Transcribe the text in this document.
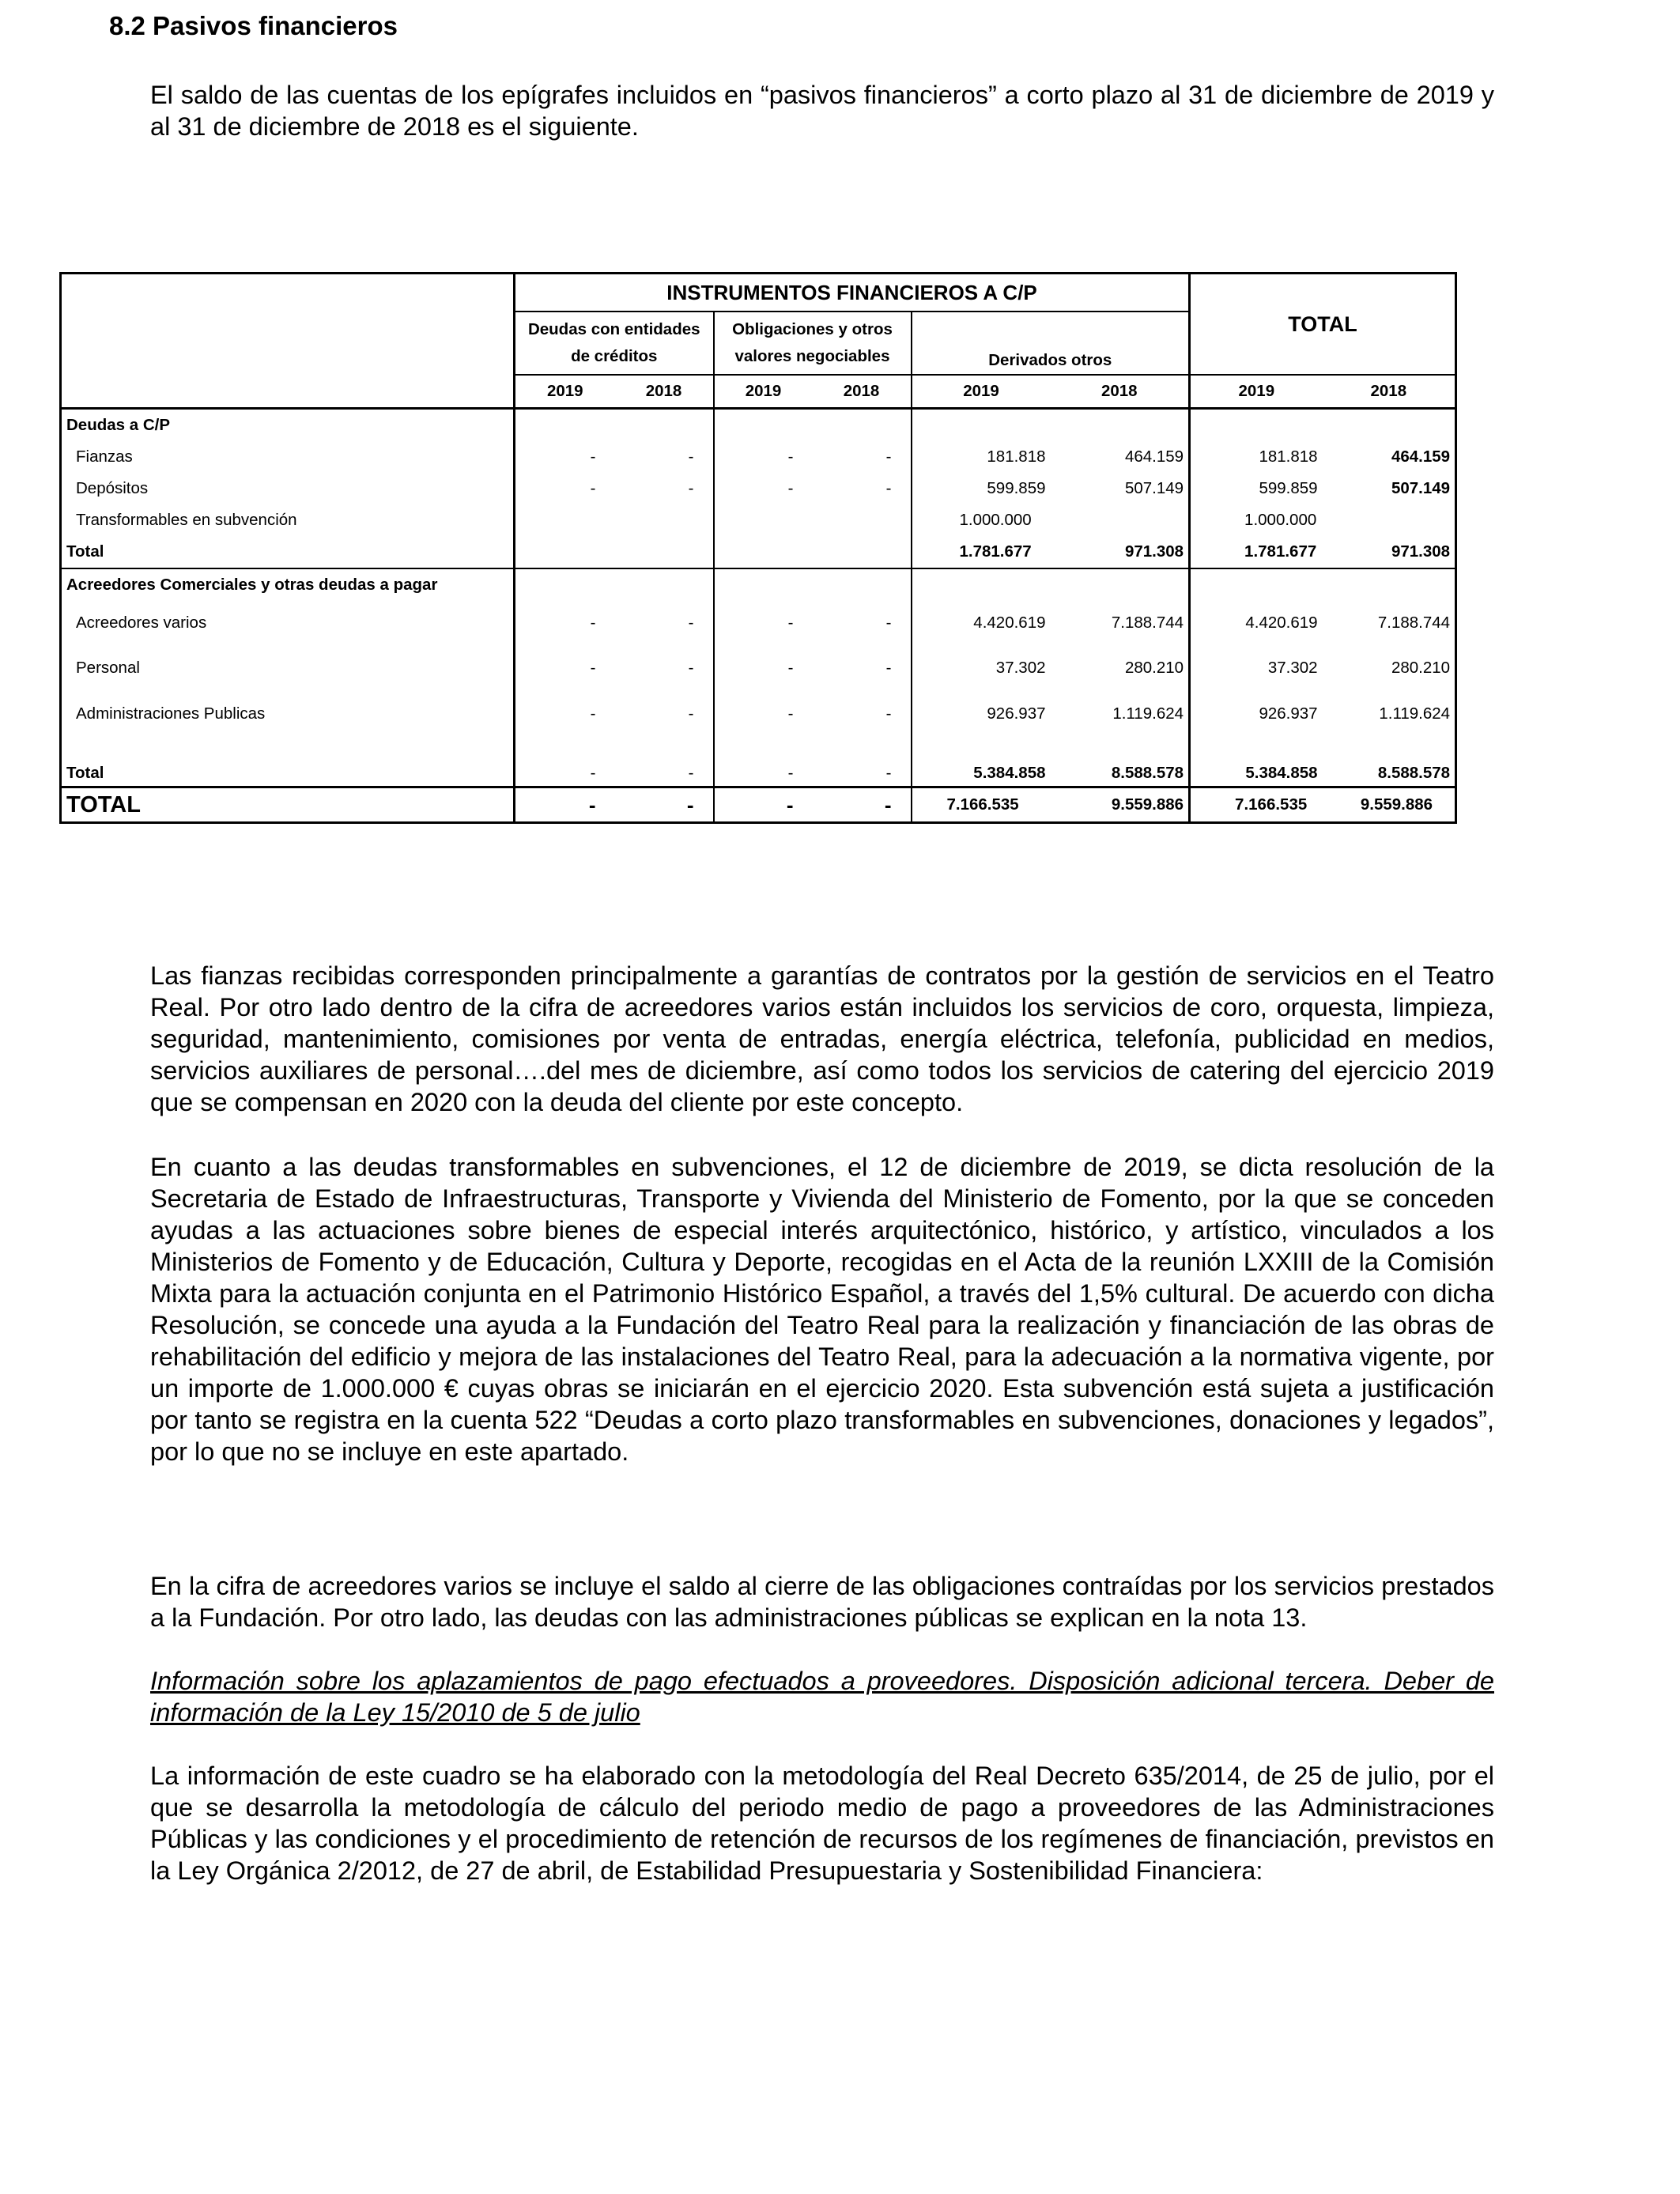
8.2 Pasivos financieros
El saldo de las cuentas de los epígrafes incluidos en “pasivos financieros” a corto plazo al 31 de diciembre de 2019 y al 31 de diciembre de 2018 es el siguiente.
	INSTRUMENTOS FINANCIEROS A C/P						TOTAL	
	Deudas con entidades de créditos		Obligaciones y otros valores negociables		Derivados otros			
	2019	2018	2019	2018	2019	2018	2019	2018
Deudas a C/P								
Fianzas	-	-	-	-	181.818	464.159	181.818	464.159
Depósitos	-	-	-	-	599.859	507.149	599.859	507.149
Transformables en subvención					1.000.000		1.000.000	
Total					1.781.677	971.308	1.781.677	971.308
Acreedores Comerciales y otras deudas a pagar								
Acreedores varios	-	-	-	-	4.420.619	7.188.744	4.420.619	7.188.744
Personal	-	-	-	-	37.302	280.210	37.302	280.210
Administraciones Publicas	-	-	-	-	926.937	1.119.624	926.937	1.119.624
Total	-	-	-	-	5.384.858	8.588.578	5.384.858	8.588.578
TOTAL	-	-	-	-	7.166.535	9.559.886	7.166.535	9.559.886
Las fianzas recibidas corresponden principalmente a garantías de contratos por la gestión de servicios en el Teatro Real. Por otro lado dentro de la cifra de acreedores varios están incluidos los servicios de coro, orquesta, limpieza, seguridad, mantenimiento, comisiones por venta de entradas, energía eléctrica, telefonía, publicidad en medios, servicios auxiliares de personal….del mes de diciembre, así como todos los servicios de catering del ejercicio 2019 que se compensan en 2020 con la deuda del cliente por este concepto.
En cuanto a las deudas transformables en subvenciones, el 12 de diciembre de 2019, se dicta resolución de la Secretaria de Estado de Infraestructuras, Transporte y Vivienda del Ministerio de Fomento, por la que se conceden ayudas a las actuaciones sobre bienes de especial interés arquitectónico, histórico, y artístico, vinculados a los Ministerios de Fomento y de Educación, Cultura y Deporte, recogidas en el Acta de la reunión LXXIII de la Comisión Mixta para la actuación conjunta en el Patrimonio Histórico Español, a través del 1,5% cultural. De acuerdo con dicha Resolución, se concede una ayuda a la Fundación del Teatro Real para la realización y financiación de las obras de rehabilitación del edificio y mejora de las instalaciones del Teatro Real, para la adecuación a la normativa vigente, por un importe de 1.000.000 € cuyas obras se iniciarán en el ejercicio 2020. Esta subvención está sujeta a justificación por tanto se registra en la cuenta 522 “Deudas a corto plazo transformables en subvenciones, donaciones y legados”, por lo que no se incluye en este apartado.
En la cifra de acreedores varios se incluye el saldo al cierre de las obligaciones contraídas por los servicios prestados a la Fundación. Por otro lado, las deudas con las administraciones públicas se explican en la nota 13.
Información sobre los aplazamientos de pago efectuados a proveedores. Disposición adicional tercera. Deber de información de la Ley 15/2010 de 5 de julio
La información de este cuadro se ha elaborado con la metodología del Real Decreto 635/2014, de 25 de julio, por el que se desarrolla la metodología de cálculo del periodo medio de pago a proveedores de las Administraciones Públicas y las condiciones y el procedimiento de retención de recursos de los regímenes de financiación, previstos en la Ley Orgánica 2/2012, de 27 de abril, de Estabilidad Presupuestaria y Sostenibilidad Financiera:
